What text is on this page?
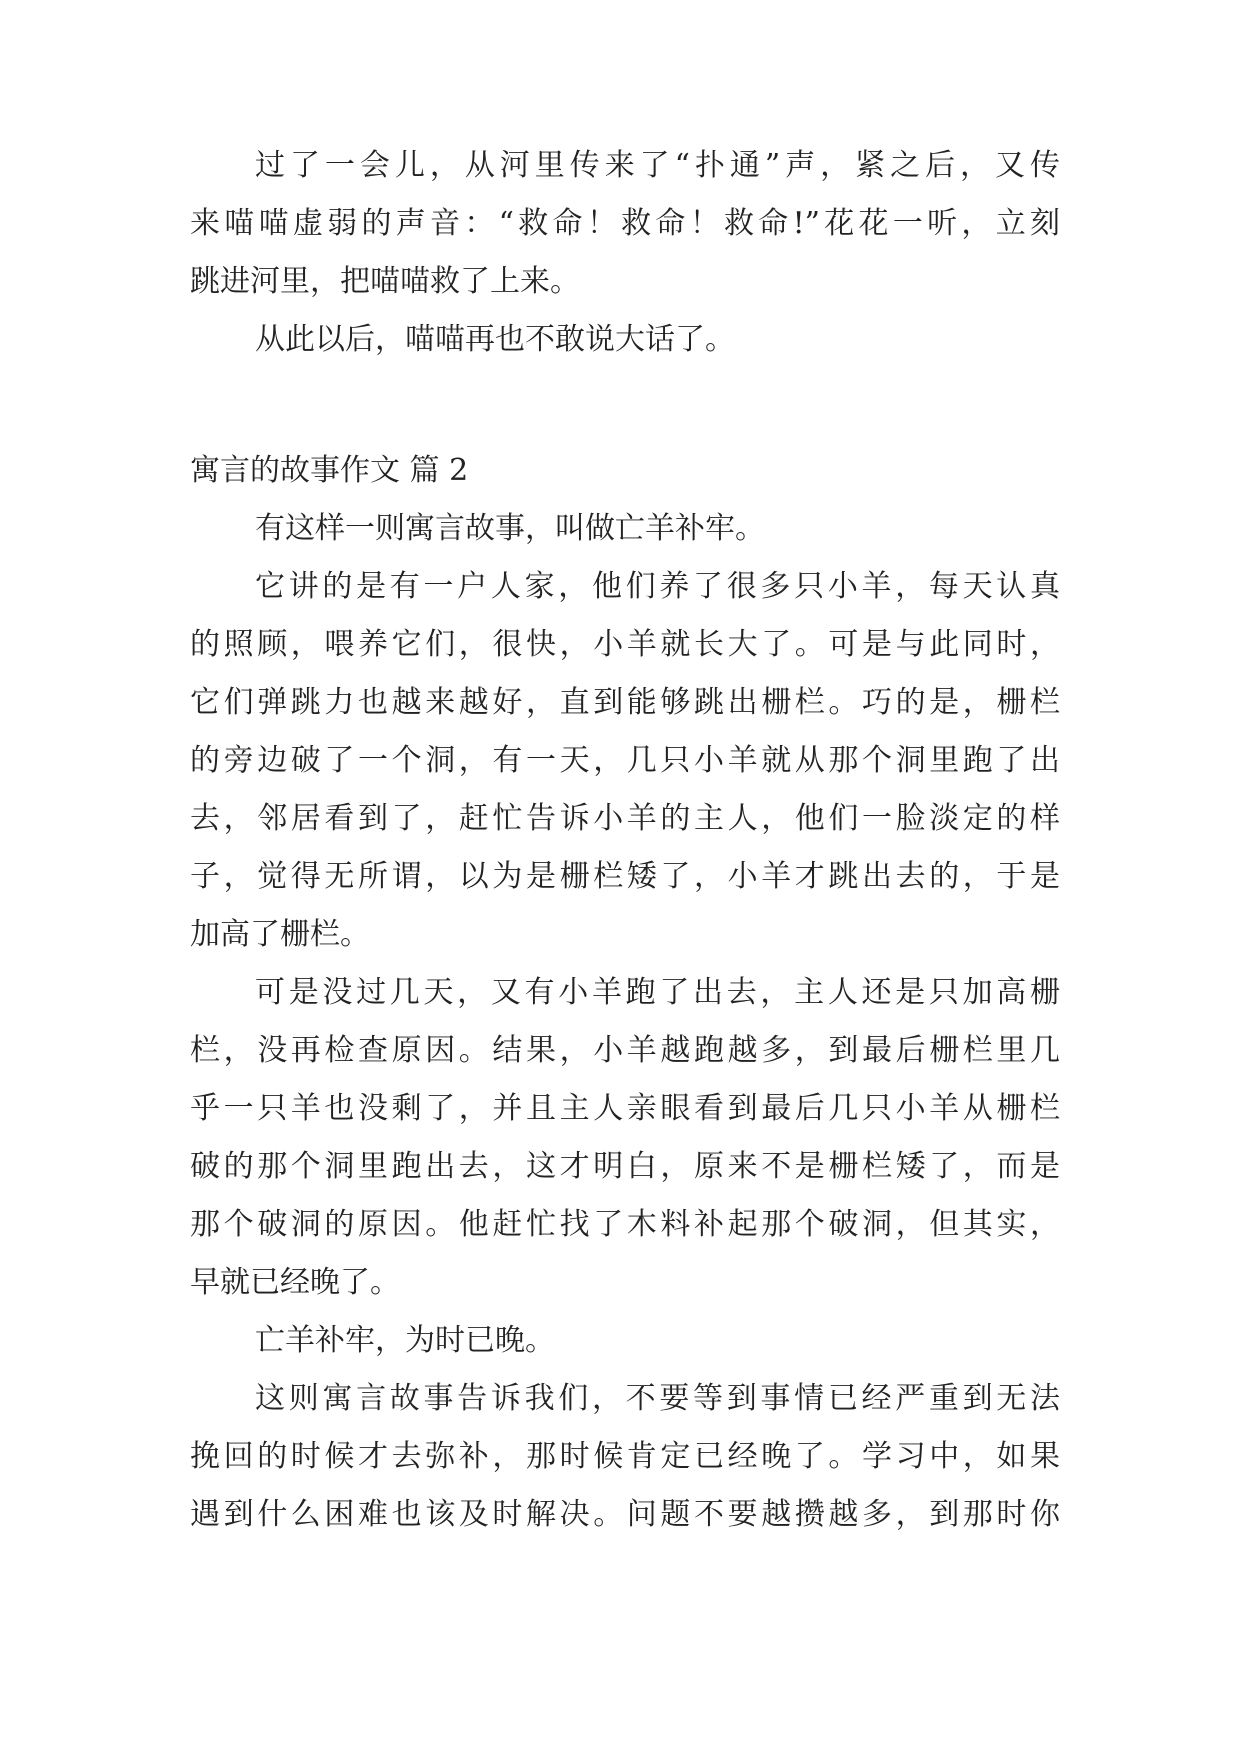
过了一会儿，从河里传来了“扑通”声，紧之后，又传

来喵喵虚弱的声音：“救命！救命！救命!”花花一听，立刻

跳进河里，把喵喵救了上来。

从此以后，喵喵再也不敢说大话了。

寓言的故事作文 篇 2

有这样一则寓言故事，叫做亡羊补牢。

它讲的是有一户人家，他们养了很多只小羊，每天认真

的照顾，喂养它们，很快，小羊就长大了。可是与此同时，

它们弹跳力也越来越好，直到能够跳出栅栏。巧的是，栅栏

的旁边破了一个洞，有一天，几只小羊就从那个洞里跑了出

去，邻居看到了，赶忙告诉小羊的主人，他们一脸淡定的样

子，觉得无所谓，以为是栅栏矮了，小羊才跳出去的，于是

加高了栅栏。

可是没过几天，又有小羊跑了出去，主人还是只加高栅

栏，没再检查原因。结果，小羊越跑越多，到最后栅栏里几

乎一只羊也没剩了，并且主人亲眼看到最后几只小羊从栅栏

破的那个洞里跑出去，这才明白，原来不是栅栏矮了，而是

那个破洞的原因。他赶忙找了木料补起那个破洞，但其实，

早就已经晚了。

亡羊补牢，为时已晚。

这则寓言故事告诉我们，不要等到事情已经严重到无法

挽回的时候才去弥补，那时候肯定已经晚了。学习中，如果

遇到什么困难也该及时解决。问题不要越攒越多，到那时你
